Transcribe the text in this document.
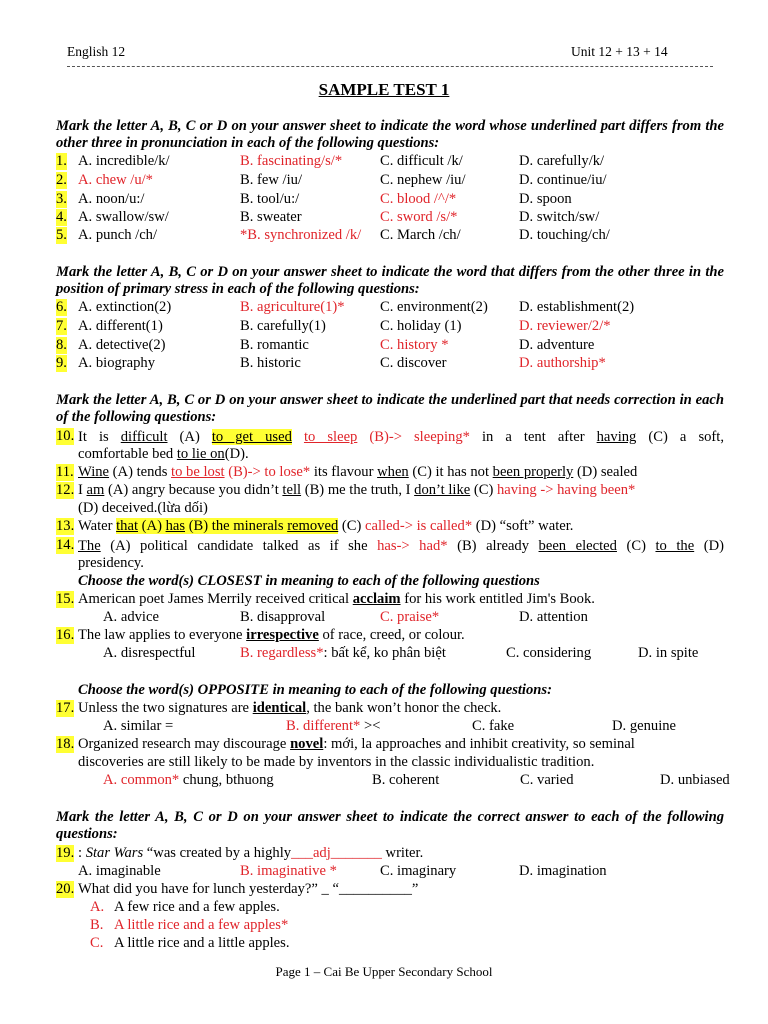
English 12	Unit 12 + 13 + 14
SAMPLE TEST 1
Mark the letter A, B, C or D on your answer sheet to indicate the word whose underlined part differs from the other three in pronunciation in each of the following questions:
1. A. incredible/k/	B. fascinating/s/*	C. difficult /k/	D. carefully/k/
2. A. chew /u/*	B. few /iu/	C. nephew /iu/	D. continue/iu/
3. A. noon/u:/	B. tool/u:/	C. blood /^/*	D. spoon
4. A. swallow/sw/	B. sweater	C. sword /s/*	D. switch/sw/
5. A. punch /ch/	*B. synchronized /k/ C. March /ch/	D. touching/ch/
Mark the letter A, B, C or D on your answer sheet to indicate the word that differs from the other three in the position of primary stress in each of the following questions:
6. A. extinction(2)	B. agriculture(1)* C. environment(2) D. establishment(2)
7. A. different(1)	B. carefully(1)	C. holiday (1)	D. reviewer/2/*
8. A. detective(2)	B. romantic	C. history *	D. adventure
9. A. biography	B. historic	C. discover	D. authorship*
Mark the letter A, B, C or D on your answer sheet to indicate the underlined part that needs correction in each of the following questions:
10. It is difficult (A) to get used to sleep (B)-> sleeping* in a tent after having (C) a soft,
comfortable bed to lie on(D).
11. Wine (A) tends to be lost (B)-> to lose* its flavour when (C) it has not been properly (D) sealed
12. I am (A) angry because you didn’t tell (B) me the truth, I don’t like (C) having -> having been*
(D) deceived.(lừa dối)
13. Water that (A) has (B) the minerals removed (C) called-> is called* (D) “soft” water.
14. The (A) political candidate talked as if she has-> had* (B) already been elected (C) to the (D)
presidency.
Choose the word(s) CLOSEST in meaning to each of the following questions
15. American poet James Merrily received critical acclaim for his work entitled Jim's Book.
A. advice	B. disapproval	C. praise*	D. attention
16. The law applies to everyone irrespective of race, creed, or colour.
A. disrespectful	B. regardless*: bất kể, ko phân biệt	C. considering	D. in spite
Choose the word(s) OPPOSITE in meaning to each of the following questions:
17. Unless the two signatures are identical, the bank won’t honor the check.
A. similar =	B. different* ><	C. fake	D. genuine
18. Organized research may discourage novel: mới, la approaches and inhibit creativity, so seminal
discoveries are still likely to be made by inventors in the classic individualistic tradition.
A. common* chung, bthuong	B. coherent	C. varied	D. unbiased
Mark the letter A, B, C or D on your answer sheet to indicate the correct answer to each of the following questions:
19. : Star Wars “was created by a highly___adj_______ writer.
A. imaginable	B. imaginative *	C. imaginary	D. imagination
20. What did you have for lunch yesterday?” _ “__________”
A. A few rice and a few apples.
B. A little rice and a few apples*
C. A little rice and a little apples.
Page 1 – Cai Be Upper Secondary School
